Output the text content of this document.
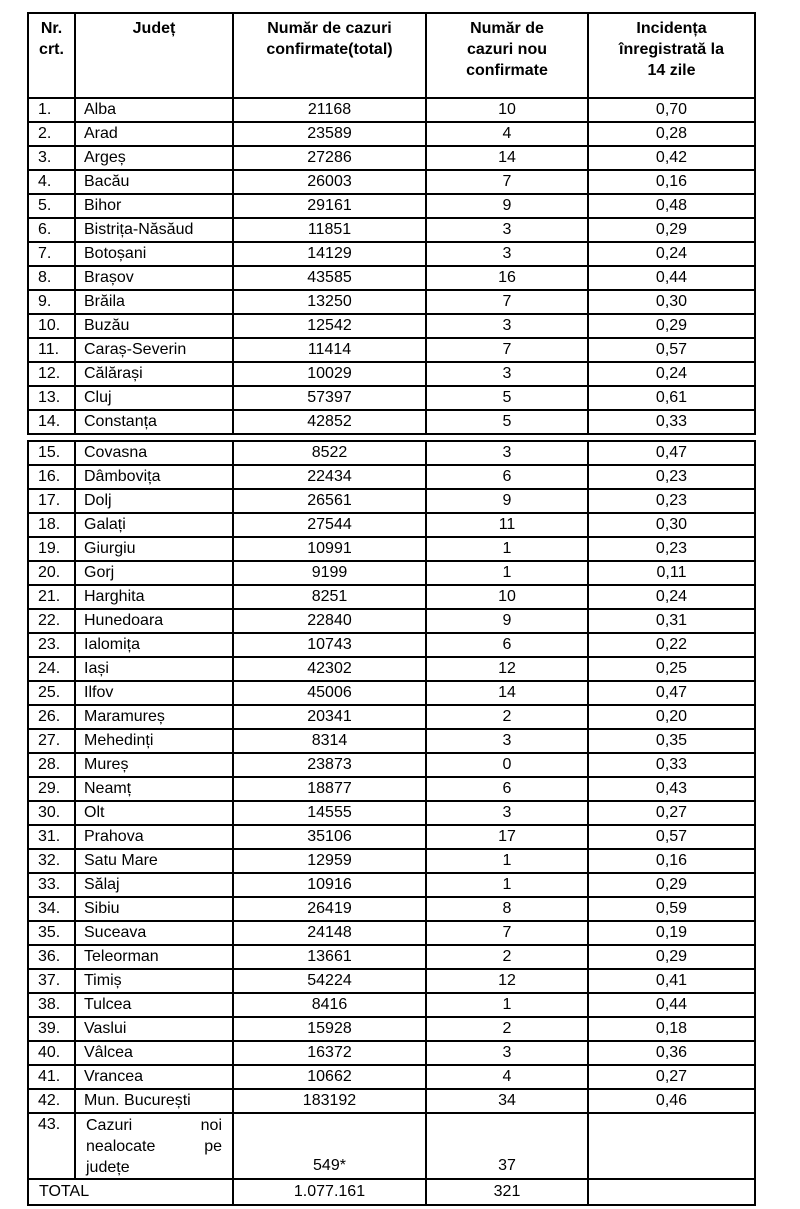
Nr. crt.	Județ	Număr de cazuri confirmate(total)	Număr de cazuri nou confirmate	Incidența înregistrată la 14 zile
1.	Alba	21168	10	0,70
2.	Arad	23589	4	0,28
3.	Argeș	27286	14	0,42
4.	Bacău	26003	7	0,16
5.	Bihor	29161	9	0,48
6.	Bistrița-Năsăud	11851	3	0,29
7.	Botoșani	14129	3	0,24
8.	Brașov	43585	16	0,44
9.	Brăila	13250	7	0,30
10.	Buzău	12542	3	0,29
11.	Caraș-Severin	11414	7	0,57
12.	Călărași	10029	3	0,24
13.	Cluj	57397	5	0,61
14.	Constanța	42852	5	0,33
15.	Covasna	8522	3	0,47
16.	Dâmbovița	22434	6	0,23
17.	Dolj	26561	9	0,23
18.	Galați	27544	11	0,30
19.	Giurgiu	10991	1	0,23
20.	Gorj	9199	1	0,11
21.	Harghita	8251	10	0,24
22.	Hunedoara	22840	9	0,31
23.	Ialomița	10743	6	0,22
24.	Iași	42302	12	0,25
25.	Ilfov	45006	14	0,47
26.	Maramureș	20341	2	0,20
27.	Mehedinți	8314	3	0,35
28.	Mureș	23873	0	0,33
29.	Neamț	18877	6	0,43
30.	Olt	14555	3	0,27
31.	Prahova	35106	17	0,57
32.	Satu Mare	12959	1	0,16
33.	Sălaj	10916	1	0,29
34.	Sibiu	26419	8	0,59
35.	Suceava	24148	7	0,19
36.	Teleorman	13661	2	0,29
37.	Timiș	54224	12	0,41
38.	Tulcea	8416	1	0,44
39.	Vaslui	15928	2	0,18
40.	Vâlcea	16372	3	0,36
41.	Vrancea	10662	4	0,27
42.	Mun. București	183192	34	0,46
43.	Cazuri noi nealocate pe județe	549*	37	
TOTAL		1.077.161	321	
